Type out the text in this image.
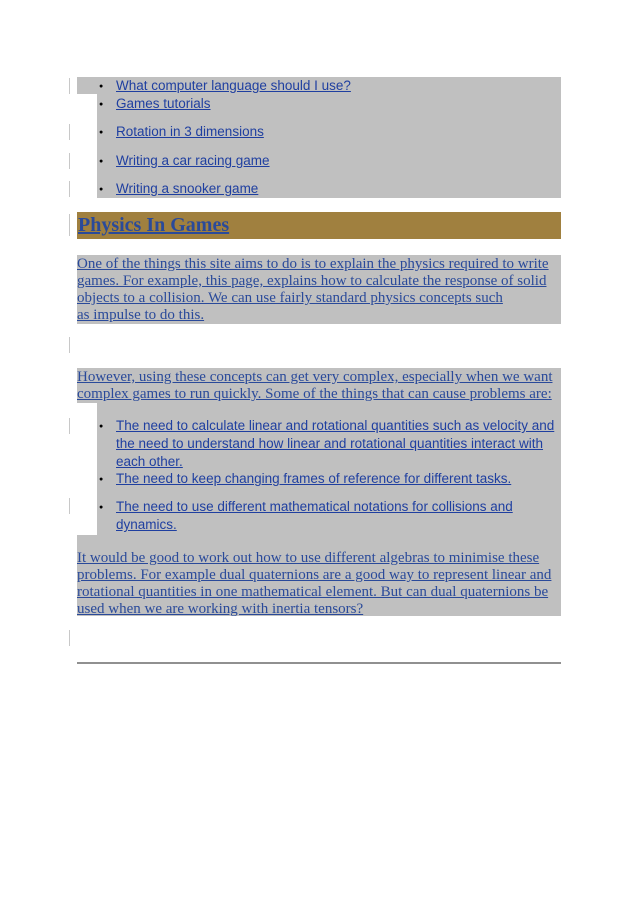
● What computer language should I use?
● Games tutorials
● Rotation in 3 dimensions
● Writing a car racing game
● Writing a snooker game
Physics In Games
One of the things this site aims to do is to explain the physics required to write
games. For example, this page, explains how to calculate the response of solid
objects to a collision. We can use fairly standard physics concepts such
as impulse to do this.
However, using these concepts can get very complex, especially when we want
complex games to run quickly. Some of the things that can cause problems are:
● The need to calculate linear and rotational quantities such as velocity and
the need to understand how linear and rotational quantities interact with
each other.
● The need to keep changing frames of reference for different tasks.
● The need to use different mathematical notations for collisions and
dynamics.
It would be good to work out how to use different algebras to minimise these
problems. For example dual quaternions are a good way to represent linear and
rotational quantities in one mathematical element. But can dual quaternions be
used when we are working with inertia tensors?
